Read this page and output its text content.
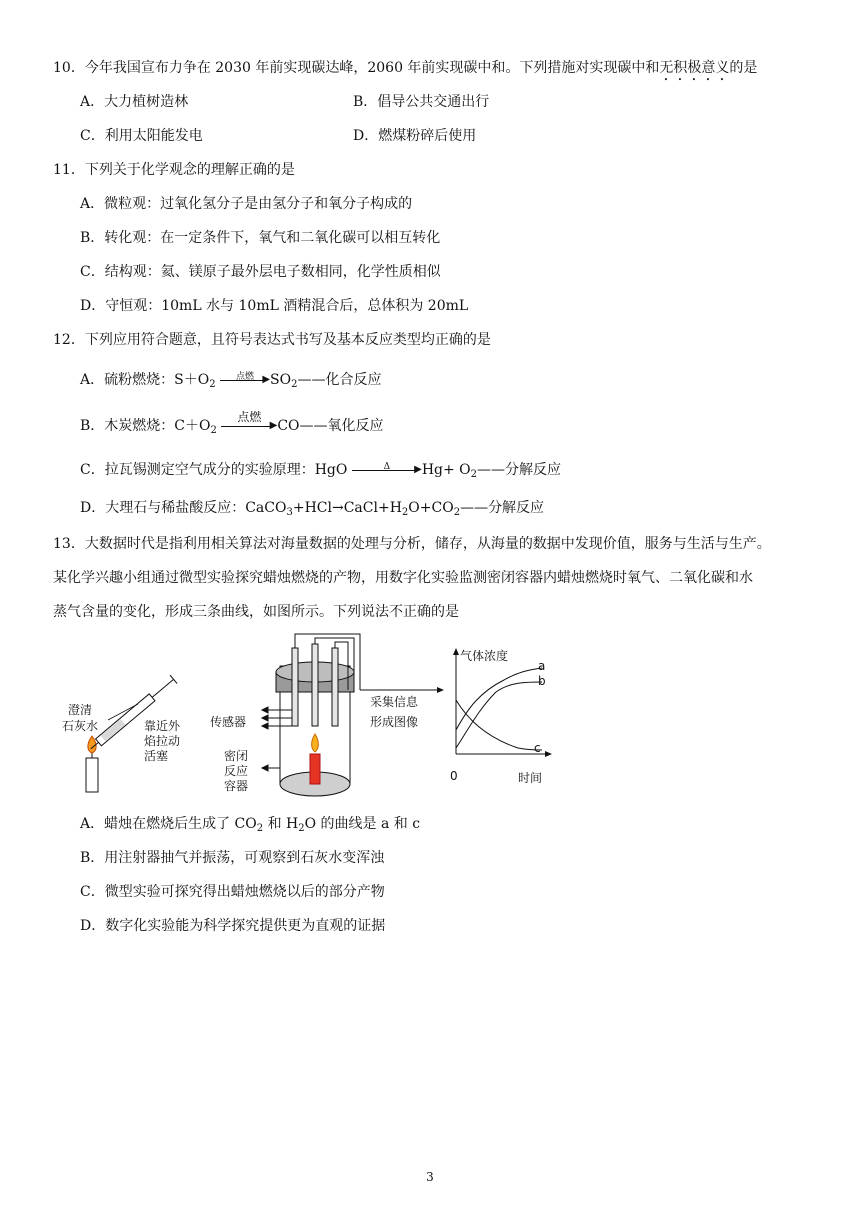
10．今年我国宣布力争在 2030 年前实现碳达峰，2060 年前实现碳中和。下列措施对实现碳中和无积极意义的是
A．大力植树造林	B．倡导公共交通出行
C．利用太阳能发电	D．燃煤粉碎后使用
11．下列关于化学观念的理解正确的是
A．微粒观：过氧化氢分子是由氢分子和氧分子构成的
B．转化观：在一定条件下，氧气和二氧化碳可以相互转化
C．结构观：氦、镁原子最外层电子数相同，化学性质相似
D．守恒观：10mL 水与 10mL 酒精混合后，总体积为 20mL
12．下列应用符合题意，且符号表达式书写及基本反应类型均正确的是
A．硫粉燃烧：$S+O_2$
点燃 ▶ $SO_2——$化合反应
B．木炭燃烧：$C+O_2$
点燃
▶ CO——氧化反应
C．拉瓦锡测定空气成分的实验原理：HgO	Δ	▶ $Hg+ O_2——$分解反应
D．大理石与稀盐酸反应：$CaCO_3+HCl\to CaCl+H_2O+CO_2——$分解反应
13．大数据时代是指利用相关算法对海量数据的处理与分析，储存，从海量的数据中发现价值，服务与生活与生产。
某化学兴趣小组通过微型实验探究蜡烛燃烧的产物，用数字化实验监测密闭容器内蜡烛燃烧时氧气、二氧化碳和水
蒸气含量的变化，形成三条曲线，如图所示。下列说法不正确的是
澄清
石灰水	靠近外
焰拉动
活塞
传感器
密闭
反应
容器
采集信息
形成图像
气体浓度
a
b
c
0	时间
A．蜡烛在燃烧后生成了 $CO_2$ 和 $H_2O$ 的曲线是 a 和 c
B．用注射器抽气并振荡，可观察到石灰水变浑浊
C．微型实验可探究得出蜡烛燃烧以后的部分产物
D．数字化实验能为科学探究提供更为直观的证据
3
